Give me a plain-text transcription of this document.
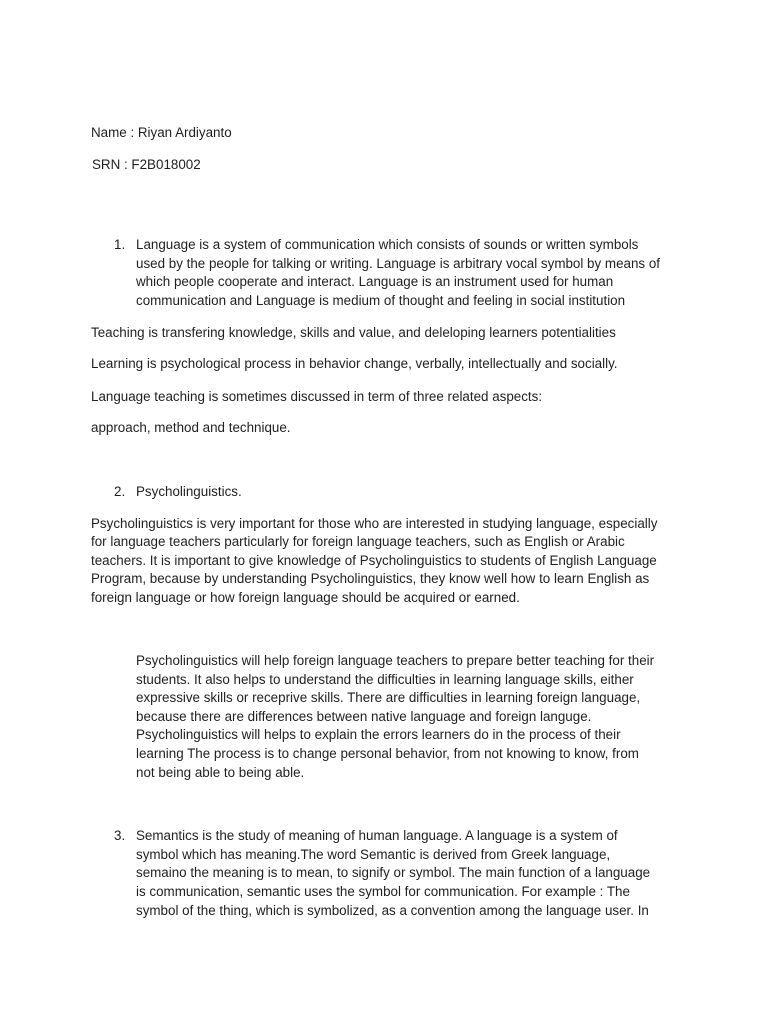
Name : Riyan Ardiyanto
SRN : F2B018002
1. Language is a system of communication which consists of sounds or written symbols
used by the people for talking or writing. Language is arbitrary vocal symbol by means of
which people cooperate and interact. Language is an instrument used for human
communication and Language is medium of thought and feeling in social institution
Teaching is transfering knowledge, skills and value, and deleloping learners potentialities
Learning is psychological process in behavior change, verbally, intellectually and socially.
Language teaching is sometimes discussed in term of three related aspects:
approach, method and technique.
2. Psycholinguistics.
Psycholinguistics is very important for those who are interested in studying language, especially
for language teachers particularly for foreign language teachers, such as English or Arabic
teachers. It is important to give knowledge of Psycholinguistics to students of English Language
Program, because by understanding Psycholinguistics, they know well how to learn English as
foreign language or how foreign language should be acquired or earned.
Psycholinguistics will help foreign language teachers to prepare better teaching for their
students. It also helps to understand the difficulties in learning language skills, either
expressive skills or receprive skills. There are difficulties in learning foreign language,
because there are differences between native language and foreign languge.
Psycholinguistics will helps to explain the errors learners do in the process of their
learning The process is to change personal behavior, from not knowing to know, from
not being able to being able.
3. Semantics is the study of meaning of human language. A language is a system of
symbol which has meaning.The word Semantic is derived from Greek language,
semaino the meaning is to mean, to signify or symbol. The main function of a language
is communication, semantic uses the symbol for communication. For example : The
symbol of the thing, which is symbolized, as a convention among the language user. In
